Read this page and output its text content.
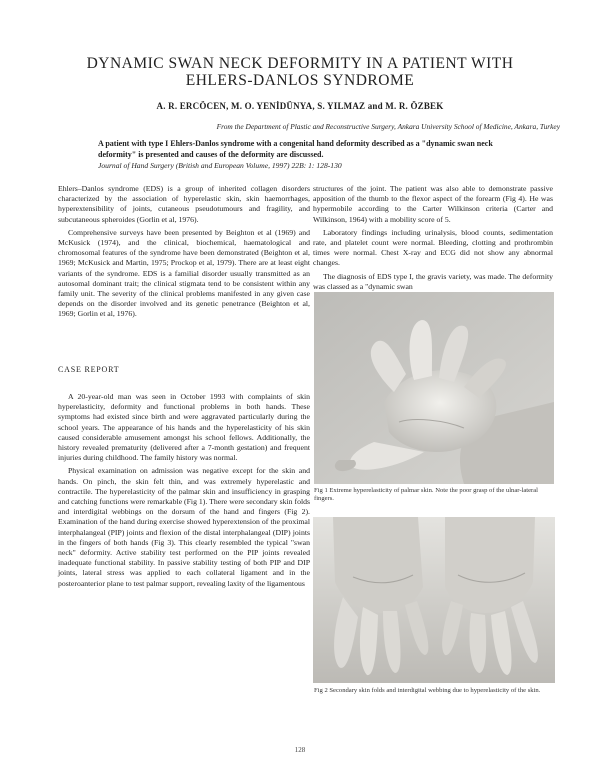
DYNAMIC SWAN NECK DEFORMITY IN A PATIENT WITH
EHLERS-DANLOS SYNDROME
A. R. ERCÖCEN, M. O. YENİDÜNYA, S. YILMAZ and M. R. ÖZBEK
From the Department of Plastic and Reconstructive Surgery, Ankara University School of Medicine, Ankara, Turkey
A patient with type I Ehlers-Danlos syndrome with a congenital hand deformity described as a "dynamic swan neck deformity" is presented and causes of the deformity are discussed.
Journal of Hand Surgery (British and European Volume, 1997) 22B: 1: 128-130

Ehlers–Danlos syndrome (EDS) is a group of inherited collagen disorders characterized by the association of hyperelastic skin, skin haemorrhages, hyperextensibility of joints, cutaneous pseudotumours and fragility, and subcutaneous spheroides (Gorlin et al, 1976).

Comprehensive surveys have been presented by Beighton et al (1969) and McKusick (1974), and the clinical, biochemical, haematological and chromosomal features of the syndrome have been demonstrated (Beighton et al, 1969; McKusick and Martin, 1975; Prockop et al, 1979). There are at least eight variants of the syndrome. EDS is a familial disorder usually transmitted as an autosomal dominant trait; the clinical stigmata tend to be consistent within any family unit. The severity of the clinical problems manifested in any given case depends on the disorder involved and its genetic penetrance (Beighton et al, 1969; Gorlin et al, 1976).

CASE REPORT

A 20-year-old man was seen in October 1993 with complaints of skin hyperelasticity, deformity and functional problems in both hands. These symptoms had existed since birth and were aggravated particularly during the school years. The appearance of his hands and the hyperelasticity of his skin caused considerable amusement amongst his school fellows. Additionally, the history revealed prematurity (delivered after a 7-month gestation) and frequent injuries during childhood. The family history was normal.

Physical examination on admission was negative except for the skin and hands. On pinch, the skin felt thin, and was extremely hyperelastic and contractile. The hyperelasticity of the palmar skin and insufficiency in grasping and catching functions were remarkable (Fig 1). There were secondary skin folds and interdigital webbings on the dorsum of the hand and fingers (Fig 2). Examination of the hand during exercise showed hyperextension of the proximal interphalangeal (PIP) joints and flexion of the distal interphalangeal (DIP) joints in the fingers of both hands (Fig 3). This clearly resembled the typical "swan neck" deformity. Active stability test performed on the PIP joints revealed inadequate functional stability. In passive stability testing of both PIP and DIP joints, lateral stress was applied to each collateral ligament and in the posteroanterior plane to test palmar support, revealing laxity of the ligamentous

structures of the joint. The patient was also able to demonstrate passive apposition of the thumb to the flexor aspect of the forearm (Fig 4). He was hypermobile according to the Carter Wilkinson criteria (Carter and Wilkinson, 1964) with a mobility score of 5.

Laboratory findings including urinalysis, blood counts, sedimentation rate, and platelet count were normal. Bleeding, clotting and prothrombin times were normal. Chest X-ray and ECG did not show any abnormal changes.

The diagnosis of EDS type I, the gravis variety, was made. The deformity was classed as a "dynamic swan

Fig 1 Extreme hyperelasticity of palmar skin. Note the poor grasp of the ulnar-lateral fingers.
Fig 2 Secondary skin folds and interdigital webbing due to hyperelasticity of the skin.
128
